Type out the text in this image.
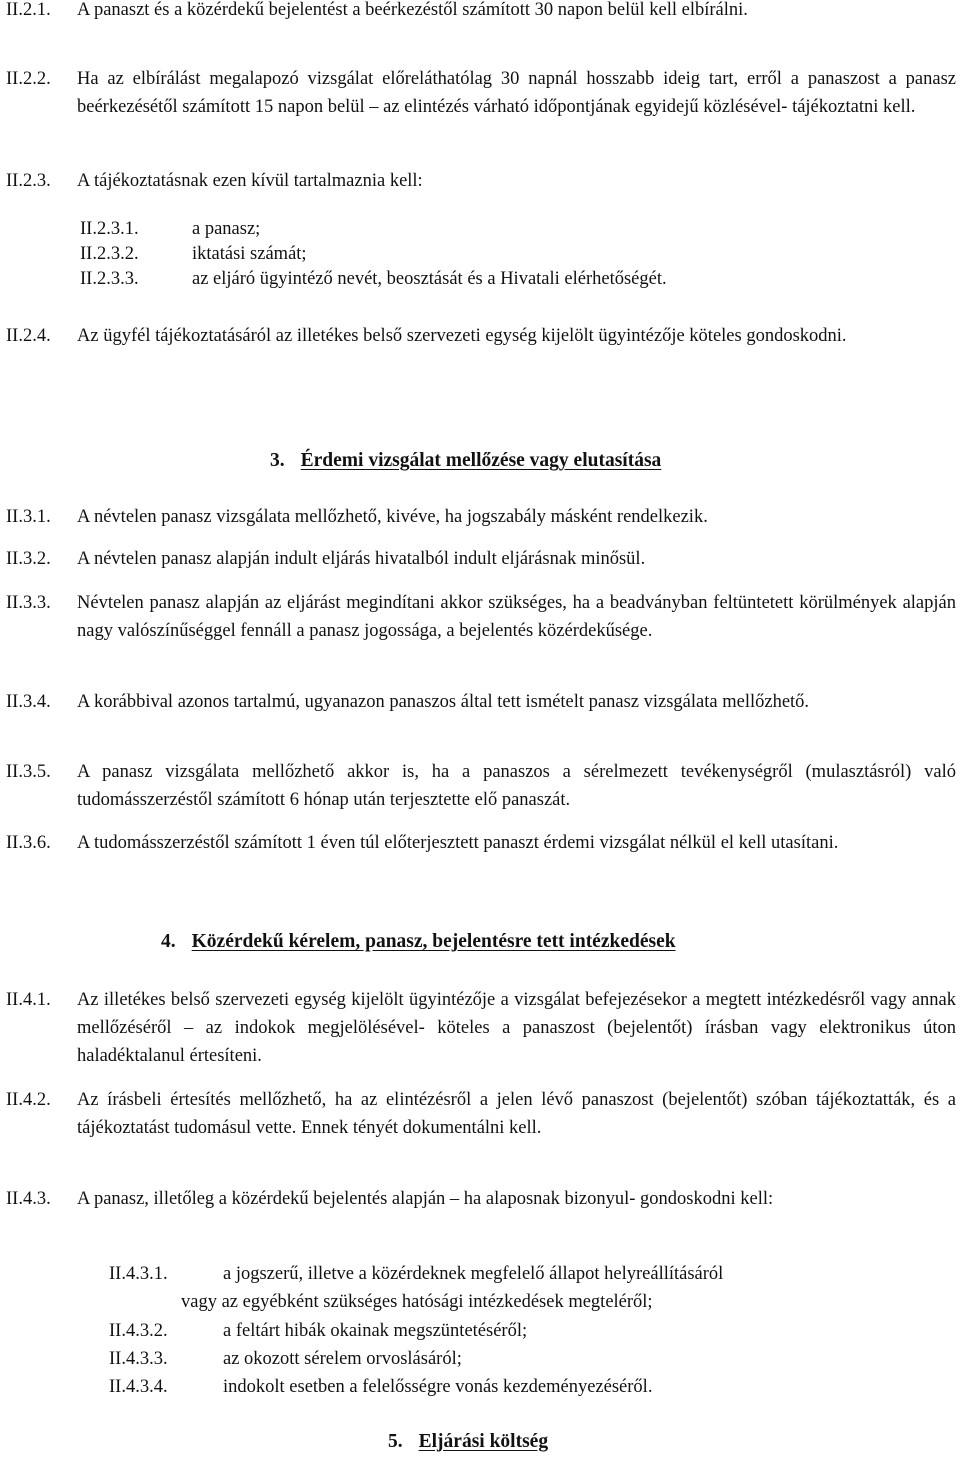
II.2.1. A panaszt és a közérdekű bejelentést a beérkezéstől számított 30 napon belül kell elbírálni.
II.2.2. Ha az elbírálást megalapozó vizsgálat előreláthatólag 30 napnál hosszabb ideig tart, erről a panaszost a panasz beérkezésétől számított 15 napon belül – az elintézés várható időpontjának egyidejű közlésével- tájékoztatni kell.
II.2.3. A tájékoztatásnak ezen kívül tartalmaznia kell:
II.2.3.1.	a panasz;
II.2.3.2.	iktatási számát;
II.2.3.3.	az eljáró ügyintéző nevét, beosztását és a Hivatali elérhetőségét.
II.2.4. Az ügyfél tájékoztatásáról az illetékes belső szervezeti egység kijelölt ügyintézője köteles gondoskodni.
3. Érdemi vizsgálat mellőzése vagy elutasítása
II.3.1. A névtelen panasz vizsgálata mellőzhető, kivéve, ha jogszabály másként rendelkezik.
II.3.2. A névtelen panasz alapján indult eljárás hivatalból indult eljárásnak minősül.
II.3.3. Névtelen panasz alapján az eljárást megindítani akkor szükséges, ha a beadványban feltüntetett körülmények alapján nagy valószínűséggel fennáll a panasz jogossága, a bejelentés közérdekűsége.
II.3.4. A korábbival azonos tartalmú, ugyanazon panaszos által tett ismételt panasz vizsgálata mellőzhető.
II.3.5. A panasz vizsgálata mellőzhető akkor is, ha a panaszos a sérelmezett tevékenységről (mulasztásról) való tudomásszerzéstől számított 6 hónap után terjesztette elő panaszát.
II.3.6. A tudomásszerzéstől számított 1 éven túl előterjesztett panaszt érdemi vizsgálat nélkül el kell utasítani.
4. Közérdekű kérelem, panasz, bejelentésre tett intézkedések
II.4.1. Az illetékes belső szervezeti egység kijelölt ügyintézője a vizsgálat befejezésekor a megtett intézkedésről vagy annak mellőzéséről – az indokok megjelölésével- köteles a panaszost (bejelentőt) írásban vagy elektronikus úton haladéktalanul értesíteni.
II.4.2. Az írásbeli értesítés mellőzhető, ha az elintézésről a jelen lévő panaszost (bejelentőt) szóban tájékoztatták, és a tájékoztatást tudomásul vette. Ennek tényét dokumentálni kell.
II.4.3. A panasz, illetőleg a közérdekű bejelentés alapján – ha alaposnak bizonyul- gondoskodni kell:
II.4.3.1.	a jogszerű, illetve a közérdeknek megfelelő állapot helyreállításáról
vagy az egyébként szükséges hatósági intézkedések megteléről;
II.4.3.2.	a feltárt hibák okainak megszüntetéséről;
II.4.3.3.	az okozott sérelem orvoslásáról;
II.4.3.4.	indokolt esetben a felelősségre vonás kezdeményezéséről.
5. Eljárási költség
